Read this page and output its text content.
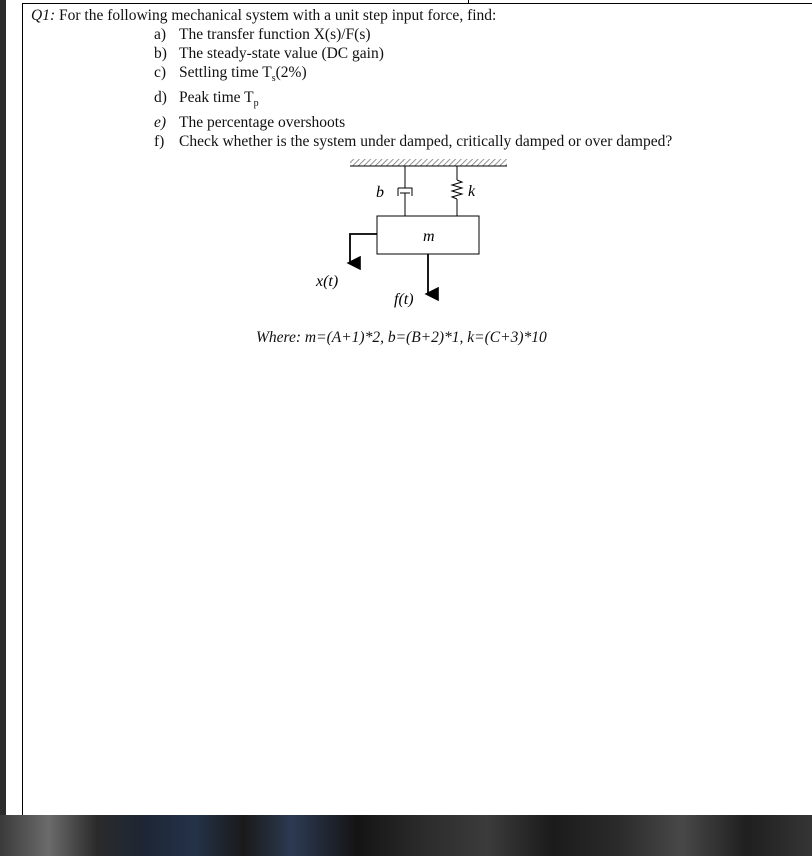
Q1: For the following mechanical system with a unit step input force, find:
a) The transfer function X(s)/F(s)
b) The steady-state value (DC gain)
c) Settling time $T_s(2\%)$
d) Peak time $T_p$
e) The percentage overshoots
f) Check whether is the system under damped, critically damped or over damped?
b	k
m
x(t)
f(t)
Where: m=(A+1)*2, b=(B+2)*1, k=(C+3)*10
